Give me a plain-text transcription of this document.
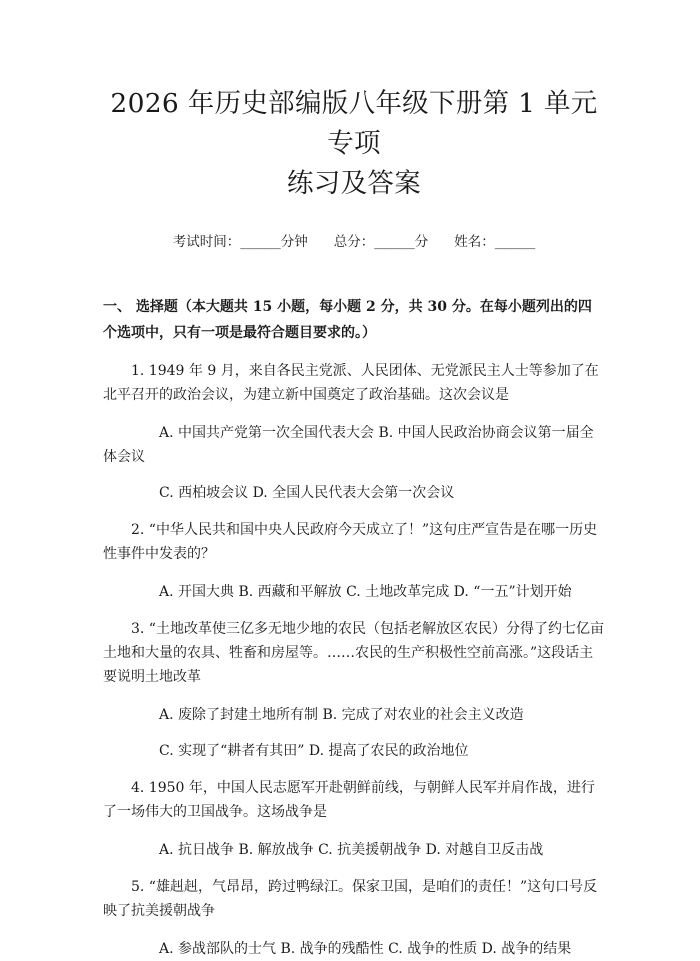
2026 年历史部编版八年级下册第 1 单元专项
练习及答案
考试时间：______分钟 总分：______分 姓名：______
一、 选择题（本大题共 15 小题，每小题 2 分，共 30 分。在每小题列出的四个选项中，只有一项是最符合题目要求的。）

1. 1949 年 9 月，来自各民主党派、人民团体、无党派民主人士等参加了在北平召开的政治会议，为建立新中国奠定了政治基础。这次会议是

A. 中国共产党第一次全国代表大会 B. 中国人民政治协商会议第一届全体会议

C. 西柏坡会议 D. 全国人民代表大会第一次会议

2. “中华人民共和国中央人民政府今天成立了！”这句庄严宣告是在哪一历史性事件中发表的？

A. 开国大典 B. 西藏和平解放 C. 土地改革完成 D. “一五”计划开始

3. “土地改革使三亿多无地少地的农民（包括老解放区农民）分得了约七亿亩土地和大量的农具、牲畜和房屋等。……农民的生产积极性空前高涨。”这段话主要说明土地改革

A. 废除了封建土地所有制 B. 完成了对农业的社会主义改造

C. 实现了“耕者有其田” D. 提高了农民的政治地位

4. 1950 年，中国人民志愿军开赴朝鲜前线，与朝鲜人民军并肩作战，进行了一场伟大的卫国战争。这场战争是

A. 抗日战争 B. 解放战争 C. 抗美援朝战争 D. 对越自卫反击战

5. “雄赳赳，气昂昂，跨过鸭绿江。保家卫国，是咱们的责任！”这句口号反映了抗美援朝战争

A. 参战部队的士气 B. 战争的残酷性 C. 战争的性质 D. 战争的结果
